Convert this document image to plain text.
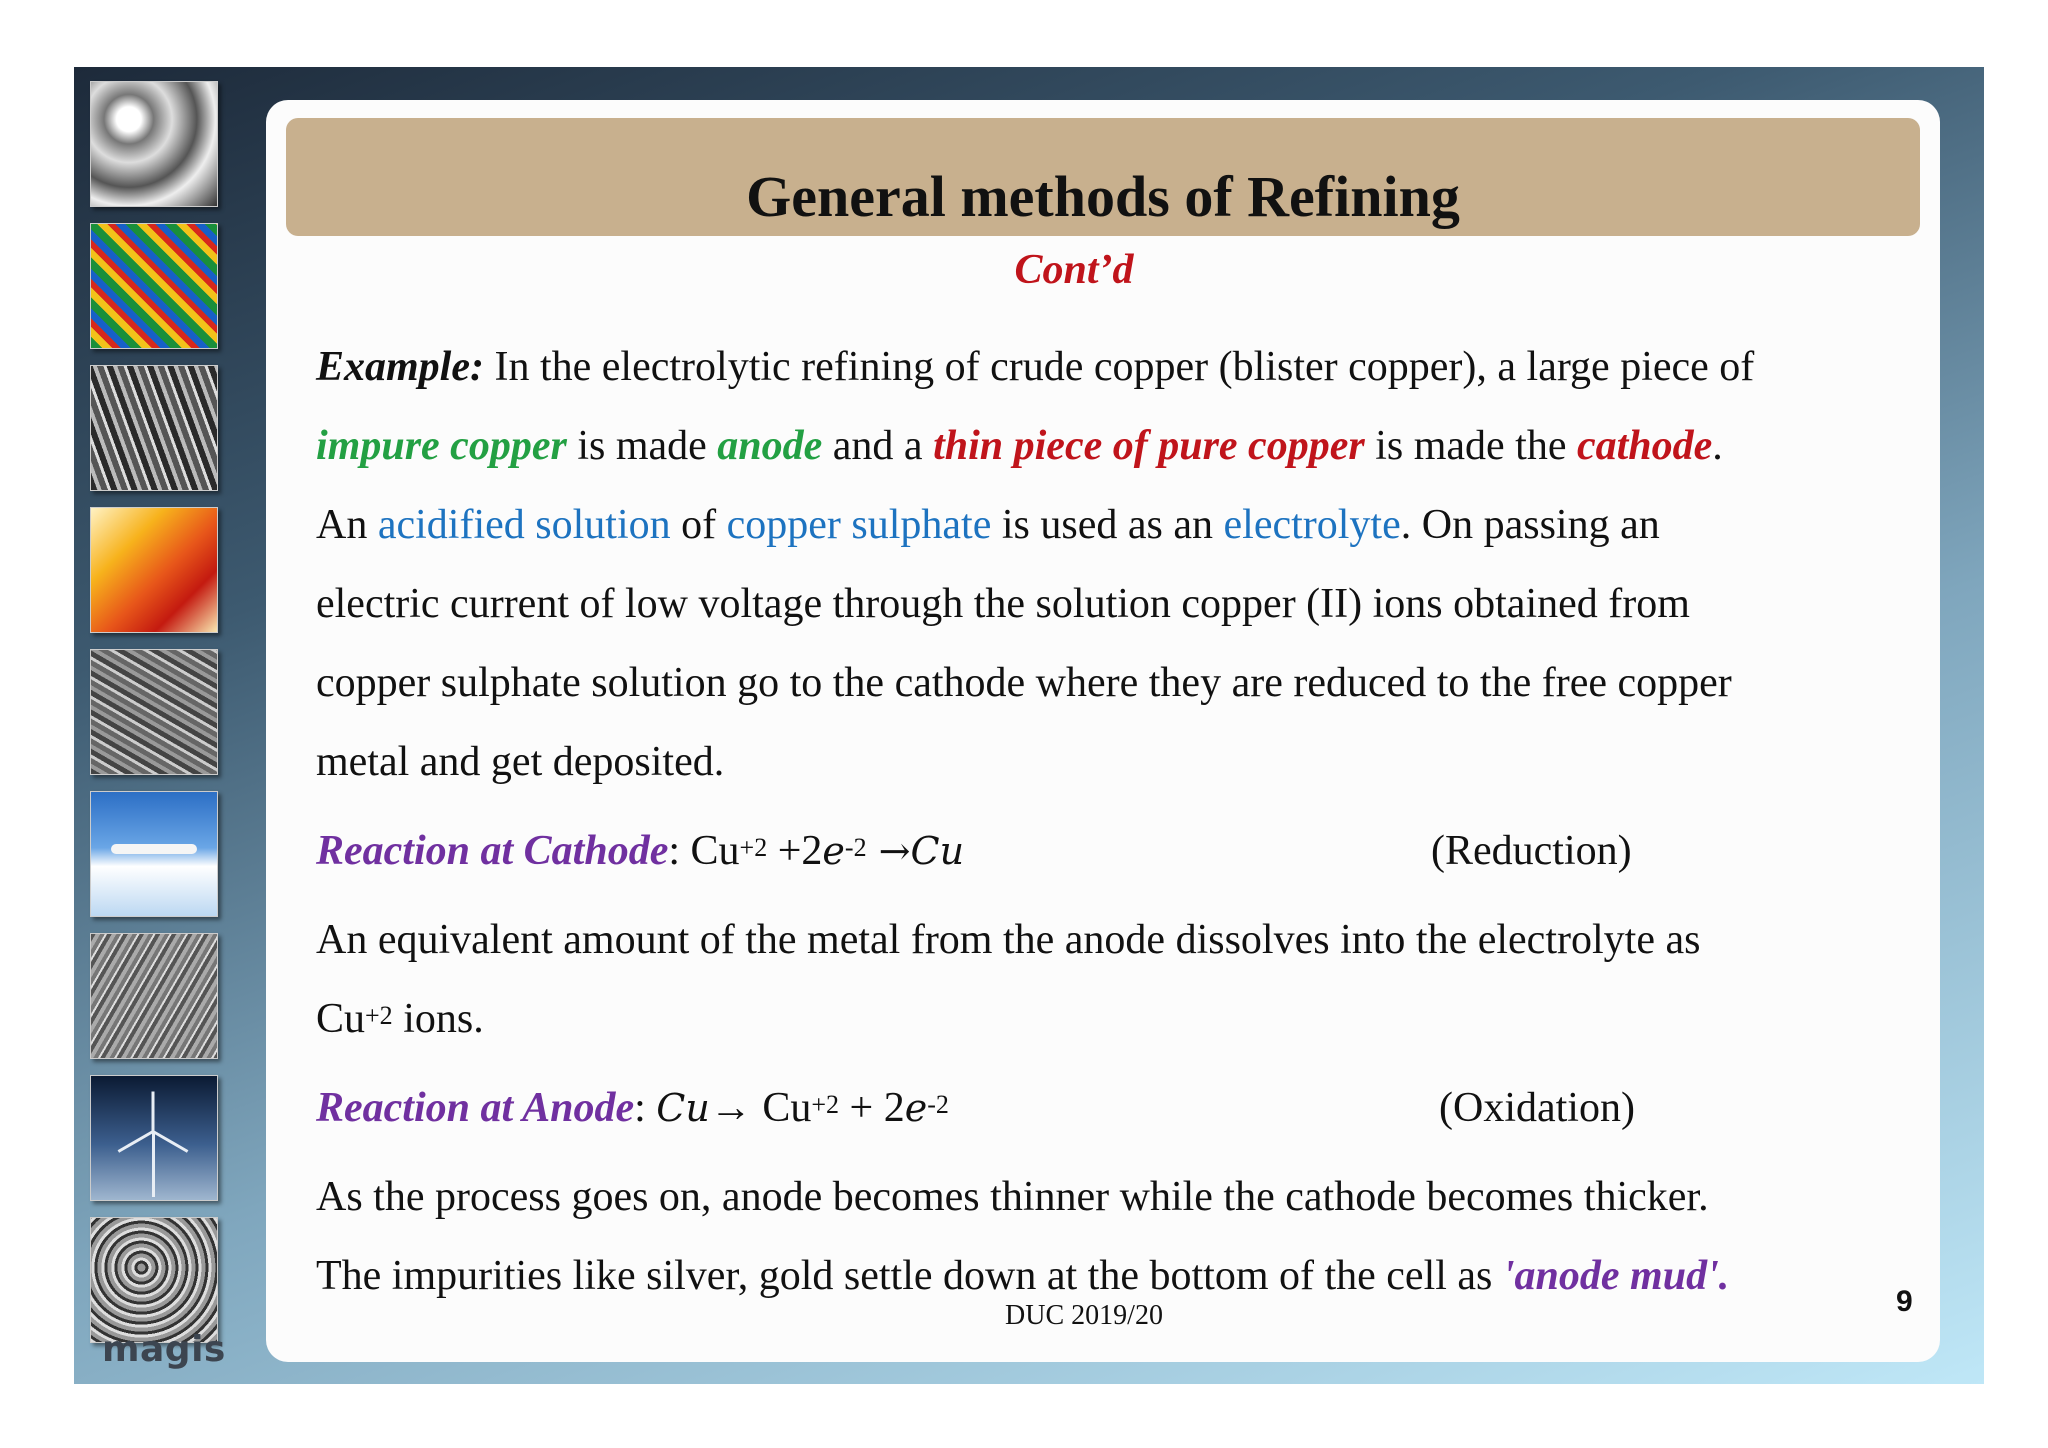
magis
General methods of Refining
Cont’d
Example: In the electrolytic refining of crude copper (blister copper), a large piece of
impure copper is made anode and a thin piece of pure copper is made the cathode.
An acidified solution of copper sulphate is used as an electrolyte. On passing an
electric current of low voltage through the solution copper (II) ions obtained from
copper sulphate solution go to the cathode where they are reduced to the free copper
metal and get deposited.
Reaction at Cathode: $Cu^{+2} +2e^{-2} \to Cu$	(Reduction)
An equivalent amount of the metal from the anode dissolves into the electrolyte as
$Cu^{+2}$ ions.
Reaction at Anode: $Cu\to Cu^{+2} + 2e^{-2}$	(Oxidation)
As the process goes on, anode becomes thinner while the cathode becomes thicker.
The impurities like silver, gold settle down at the bottom of the cell as 'anode mud'.
DUC 2019/20	9
